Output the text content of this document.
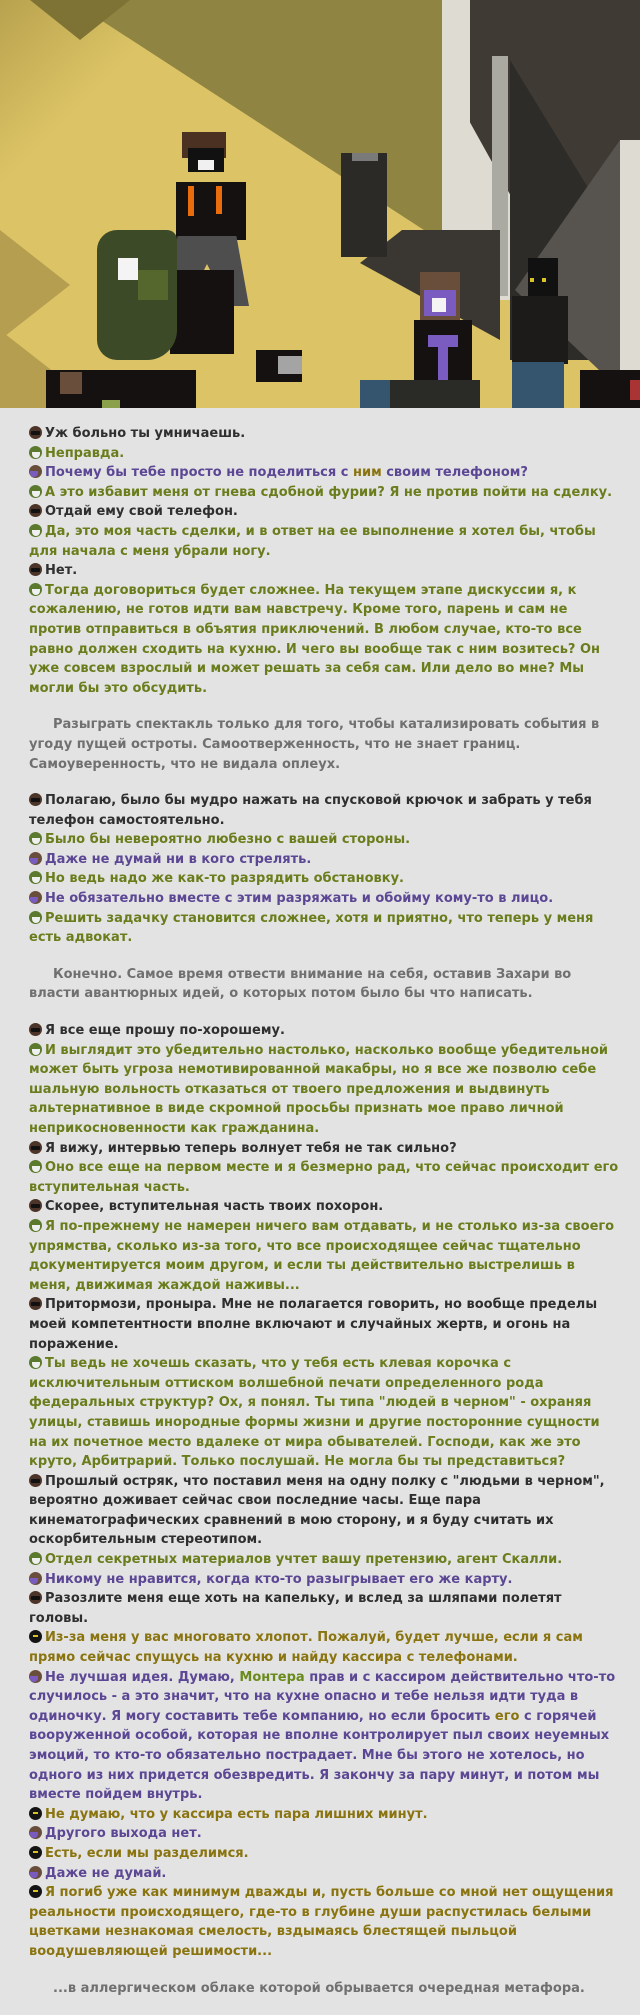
Уж больно ты умничаешь.
Неправда.
Почему бы тебе просто не поделиться с ним своим телефоном?
А это избавит меня от гнева сдобной фурии? Я не против пойти на сделку.
Отдай ему свой телефон.
Да, это моя часть сделки, и в ответ на ее выполнение я хотел бы, чтобы для начала с меня убрали ногу.
Нет.
Тогда договориться будет сложнее. На текущем этапе дискуссии я, к сожалению, не готов идти вам навстречу. Кроме того, парень и сам не против отправиться в объятия приключений. В любом случае, кто-то все равно должен сходить на кухню. И чего вы вообще так с ним возитесь? Он уже совсем взрослый и может решать за себя сам. Или дело во мне? Мы могли бы это обсудить.

Разыграть спектакль только для того, чтобы катализировать события в угоду пущей остроты. Самоотверженность, что не знает границ. Самоуверенность, что не видала оплеух.

Полагаю, было бы мудро нажать на спусковой крючок и забрать у тебя телефон самостоятельно.
Было бы невероятно любезно с вашей стороны.
Даже не думай ни в кого стрелять.
Но ведь надо же как-то разрядить обстановку.
Не обязательно вместе с этим разряжать и обойму кому-то в лицо.
Решить задачку становится сложнее, хотя и приятно, что теперь у меня есть адвокат.

Конечно. Самое время отвести внимание на себя, оставив Захари во власти авантюрных идей, о которых потом было бы что написать.

Я все еще прошу по-хорошему.
И выглядит это убедительно настолько, насколько вообще убедительной может быть угроза немотивированной макабры, но я все же позволю себе шальную вольность отказаться от твоего предложения и выдвинуть альтернативное в виде скромной просьбы признать мое право личной неприкосновенности как гражданина.
Я вижу, интервью теперь волнует тебя не так сильно?
Оно все еще на первом месте и я безмерно рад, что сейчас происходит его вступительная часть.
Скорее, вступительная часть твоих похорон.
Я по-прежнему не намерен ничего вам отдавать, и не столько из-за своего упрямства, сколько из-за того, что все происходящее сейчас тщательно документируется моим другом, и если ты действительно выстрелишь в меня, движимая жаждой наживы...
Притормози, проныра. Мне не полагается говорить, но вообще пределы моей компетентности вполне включают и случайных жертв, и огонь на поражение.
Ты ведь не хочешь сказать, что у тебя есть клевая корочка с исключительным оттиском волшебной печати определенного рода федеральных структур? Ох, я понял. Ты типа "людей в черном" - охраняя улицы, ставишь инородные формы жизни и другие посторонние сущности на их почетное место вдалеке от мира обывателей. Господи, как же это круто, Арбитрарий. Только послушай. Не могла бы ты представиться?
Прошлый остряк, что поставил меня на одну полку с "людьми в черном", вероятно доживает сейчас свои последние часы. Еще пара кинематографических сравнений в мою сторону, и я буду считать их оскорбительным стереотипом.
Отдел секретных материалов учтет вашу претензию, агент Скалли.
Никому не нравится, когда кто-то разыгрывает его же карту.
Разозлите меня еще хоть на капельку, и вслед за шляпами полетят головы.
Из-за меня у вас многовато хлопот. Пожалуй, будет лучше, если я сам прямо сейчас спущусь на кухню и найду кассира с телефонами.
Не лучшая идея. Думаю, Монтера прав и с кассиром действительно что-то случилось - а это значит, что на кухне опасно и тебе нельзя идти туда в одиночку. Я могу составить тебе компанию, но если бросить его с горячей вооруженной особой, которая не вполне контролирует пыл своих неуемных эмоций, то кто-то обязательно пострадает. Мне бы этого не хотелось, но одного из них придется обезвредить. Я закончу за пару минут, и потом мы вместе пойдем внутрь.
Не думаю, что у кассира есть пара лишних минут.
Другого выхода нет.
Есть, если мы разделимся.
Даже не думай.
Я погиб уже как минимум дважды и, пусть больше со мной нет ощущения реальности происходящего, где-то в глубине души распустилась белыми цветками незнакомая смелость, вздымаясь блестящей пыльцой воодушевляющей решимости...

...в аллергическом облаке которой обрывается очередная метафора.
